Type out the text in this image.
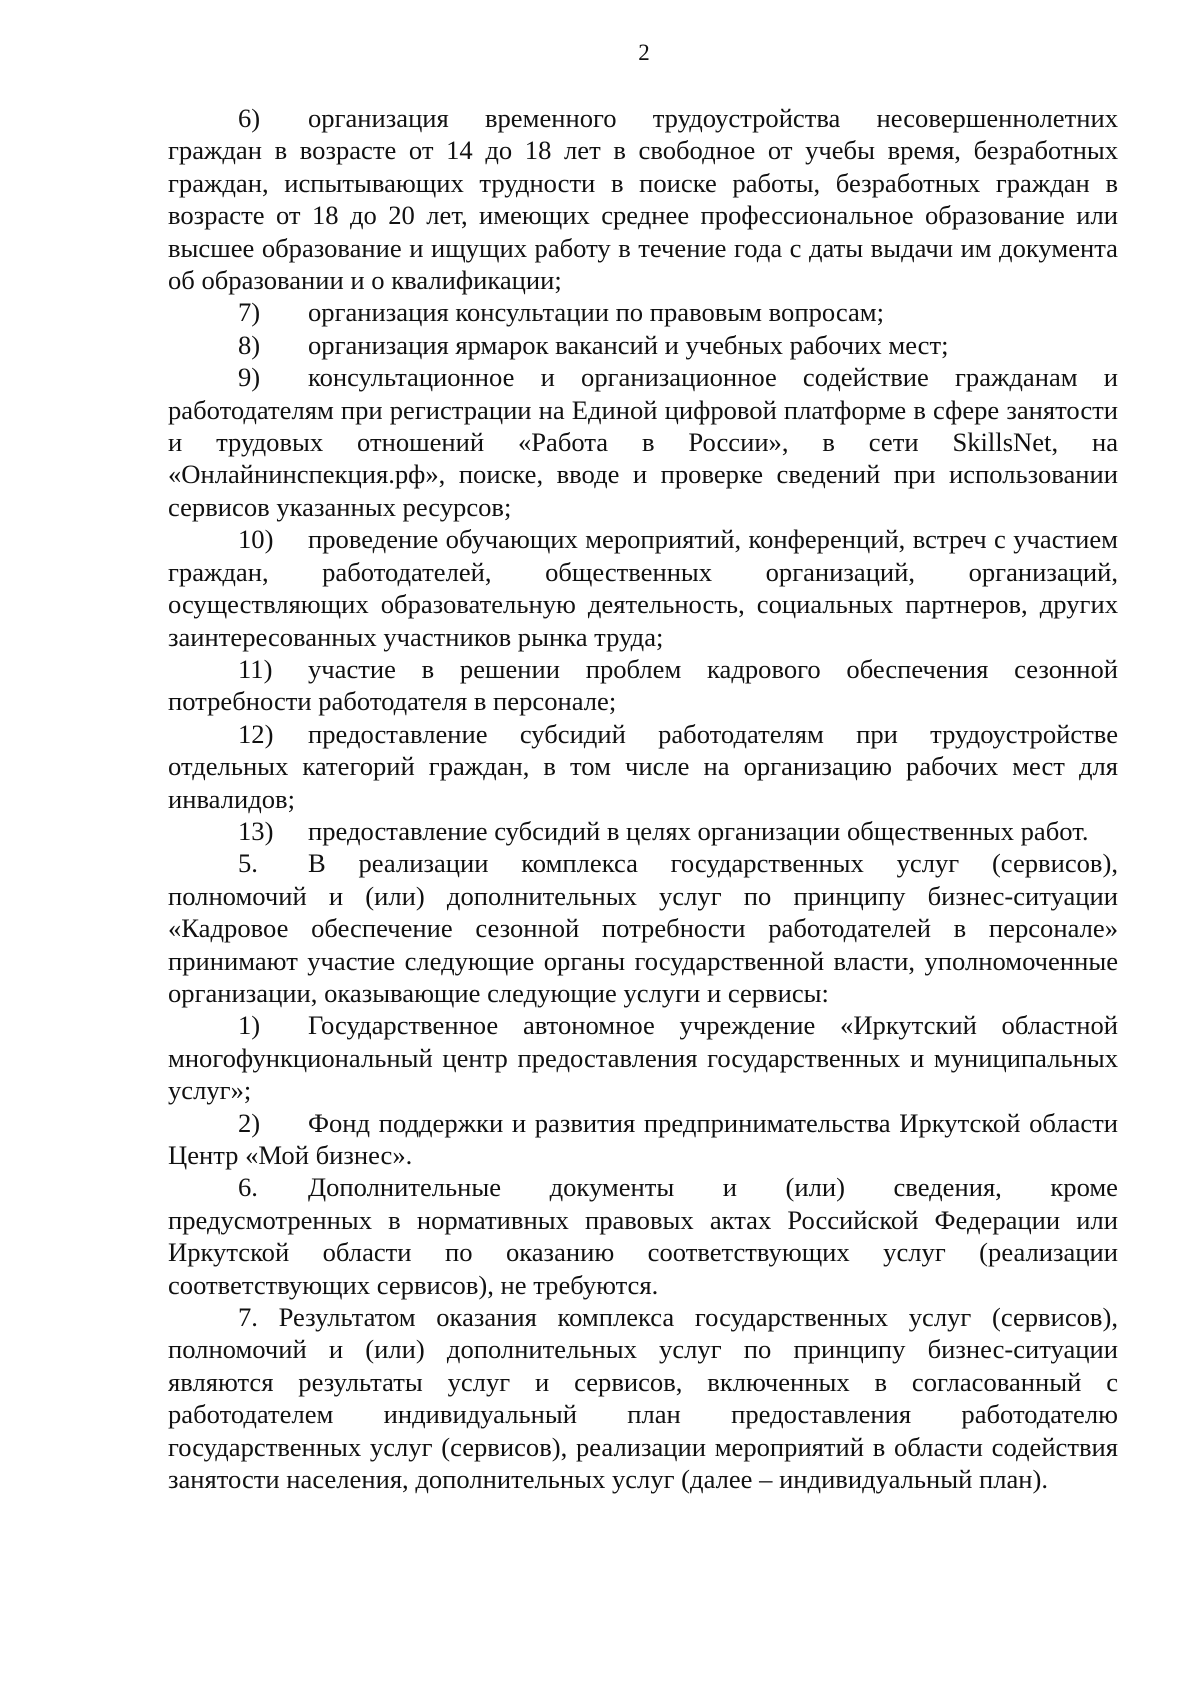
2

6) организация временного трудоустройства несовершеннолетних граждан в возрасте от 14 до 18 лет в свободное от учебы время, безработных граждан, испытывающих трудности в поиске работы, безработных граждан в возрасте от 18 до 20 лет, имеющих среднее профессиональное образование или высшее образование и ищущих работу в течение года с даты выдачи им документа об образовании и о квалификации;

7) организация консультации по правовым вопросам;

8) организация ярмарок вакансий и учебных рабочих мест;

9) консультационное и организационное содействие гражданам и работодателям при регистрации на Единой цифровой платформе в сфере занятости и трудовых отношений «Работа в России», в сети SkillsNet, на «Онлайнинспекция.рф», поиске, вводе и проверке сведений при использовании сервисов указанных ресурсов;

10) проведение обучающих мероприятий, конференций, встреч с участием граждан, работодателей, общественных организаций, организаций, осуществляющих образовательную деятельность, социальных партнеров, других заинтересованных участников рынка труда;

11) участие в решении проблем кадрового обеспечения сезонной потребности работодателя в персонале;

12) предоставление субсидий работодателям при трудоустройстве отдельных категорий граждан, в том числе на организацию рабочих мест для инвалидов;

13) предоставление субсидий в целях организации общественных работ.

5. В реализации комплекса государственных услуг (сервисов), полномочий и (или) дополнительных услуг по принципу бизнес-ситуации «Кадровое обеспечение сезонной потребности работодателей в персонале» принимают участие следующие органы государственной власти, уполномоченные организации, оказывающие следующие услуги и сервисы:

1) Государственное автономное учреждение «Иркутский областной многофункциональный центр предоставления государственных и муниципальных услуг»;

2) Фонд поддержки и развития предпринимательства Иркутской области Центр «Мой бизнес».

6. Дополнительные документы и (или) сведения, кроме предусмотренных в нормативных правовых актах Российской Федерации или Иркутской области по оказанию соответствующих услуг (реализации соответствующих сервисов), не требуются.

7. Результатом оказания комплекса государственных услуг (сервисов), полномочий и (или) дополнительных услуг по принципу бизнес-ситуации являются результаты услуг и сервисов, включенных в согласованный с работодателем индивидуальный план предоставления работодателю государственных услуг (сервисов), реализации мероприятий в области содействия занятости населения, дополнительных услуг (далее – индивидуальный план).
